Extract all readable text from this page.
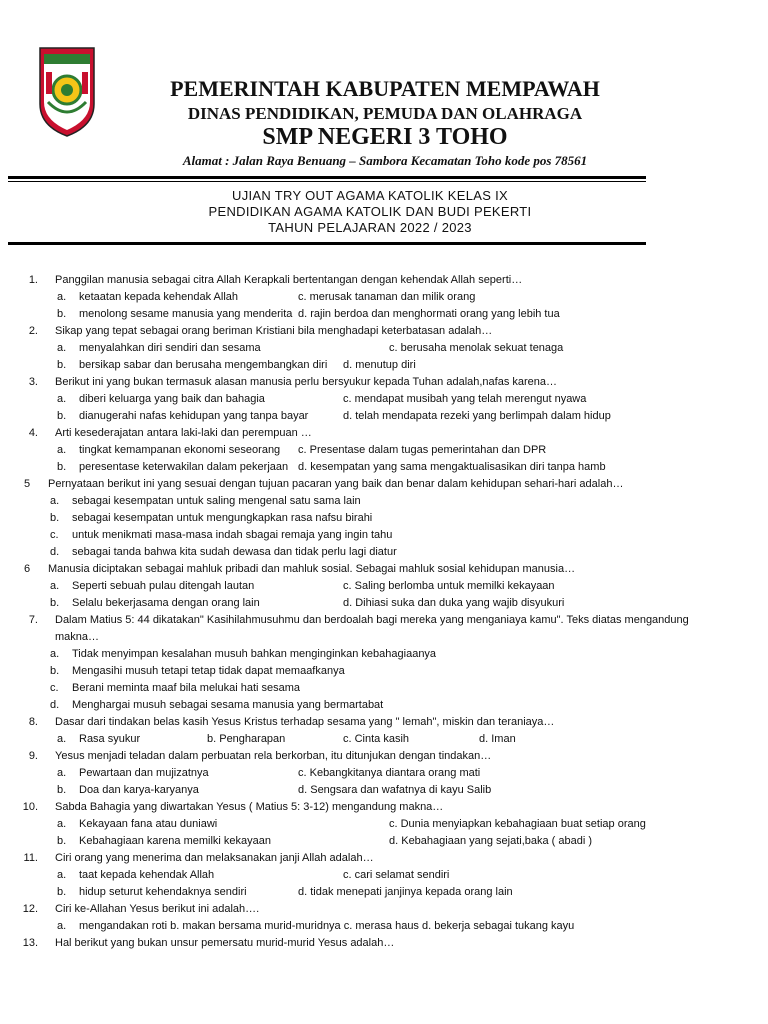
PEMERINTAH KABUPATEN MEMPAWAH
DINAS PENDIDIKAN, PEMUDA DAN OLAHRAGA
SMP NEGERI 3 TOHO
Alamat : Jalan Raya Benuang – Sambora Kecamatan Toho kode pos 78561
UJIAN TRY OUT AGAMA KATOLIK KELAS IX
PENDIDIKAN AGAMA KATOLIK DAN BUDI PEKERTI
TAHUN PELAJARAN 2022 / 2023
1. Panggilan manusia sebagai citra Allah Kerapkali bertentangan dengan kehendak Allah seperti…
a. ketaatan kepada kehendak Allah	c. merusak tanaman dan milik orang
b. menolong sesame manusia yang menderita d. rajin berdoa dan menghormati orang yang lebih tua
2. Sikap yang tepat sebagai orang beriman Kristiani bila menghadapi keterbatasan adalah…
a. menyalahkan diri sendiri dan sesama	c. berusaha menolak sekuat tenaga
b. bersikap sabar dan berusaha mengembangkan diri d. menutup diri
3. Berikut ini yang bukan termasuk alasan manusia perlu bersyukur kepada Tuhan adalah,nafas karena…
a. diberi keluarga yang baik dan bahagia	c. mendapat musibah yang telah merengut nyawa
b. dianugerahi nafas kehidupan yang tanpa bayar	d. telah mendapata rezeki yang berlimpah dalam hidup
4. Arti kesederajatan antara laki-laki dan perempuan …
a. tingkat kemampanan ekonomi seseorang c. Presentase dalam tugas pemerintahan dan DPR
b. peresentase keterwakilan dalam pekerjaan d. kesempatan yang sama mengaktualisasikan diri tanpa hamb
5	Pernyataan berikut ini yang sesuai dengan tujuan pacaran yang baik dan benar dalam kehidupan sehari-hari adalah…
a. sebagai kesempatan untuk saling mengenal satu sama lain
b. sebagai kesempatan untuk mengungkapkan rasa nafsu birahi
c. untuk menikmati masa-masa indah sbagai remaja yang ingin tahu
d. sebagai tanda bahwa kita sudah dewasa dan tidak perlu lagi diatur
6	Manusia diciptakan sebagai mahluk pribadi dan mahluk sosial. Sebagai mahluk sosial kehidupan manusia…
a. Seperti sebuah pulau ditengah lautan	c. Saling berlomba untuk memilki kekayaan
b. Selalu bekerjasama dengan orang lain	d. Dihiasi suka dan duka yang wajib disyukuri
7. Dalam Matius 5: 44 dikatakan" Kasihilahmusuhmu dan berdoalah bagi mereka yang menganiaya kamu". Teks diatas mengandung
makna…
a. Tidak menyimpan kesalahan musuh bahkan menginginkan kebahagiaanya
b. Mengasihi musuh tetapi tetap tidak dapat memaafkanya
c. Berani meminta maaf bila melukai hati sesama
d. Menghargai musuh sebagai sesama manusia yang bermartabat
8. Dasar dari tindakan belas kasih Yesus Kristus terhadap sesama yang " lemah", miskin dan teraniaya…
a. Rasa syukur	b. Pengharapan	c. Cinta kasih	d. Iman
9. Yesus menjadi teladan dalam perbuatan rela berkorban, itu ditunjukan dengan tindakan…
a. Pewartaan dan mujizatnya	c. Kebangkitanya diantara orang mati
b. Doa dan karya-karyanya	d. Sengsara dan wafatnya di kayu Salib
10. Sabda Bahagia yang diwartakan Yesus ( Matius 5: 3-12) mengandung makna…
a. Kekayaan fana atau duniawi	c. Dunia menyiapkan kebahagiaan buat setiap orang
b. Kebahagiaan karena memilki kekayaan	d. Kebahagiaan yang sejati,baka ( abadi )
11. Ciri orang yang menerima dan melaksanakan janji Allah adalah…
a. taat kepada kehendak Allah	c. cari selamat sendiri
b. hidup seturut kehendaknya sendiri	d. tidak menepati janjinya kepada orang lain
12. Ciri ke-Allahan Yesus berikut ini adalah….
a. mengandakan roti b. makan bersama murid-muridnya c. merasa haus d. bekerja sebagai tukang kayu
13. Hal berikut yang bukan unsur pemersatu murid-murid Yesus adalah…
